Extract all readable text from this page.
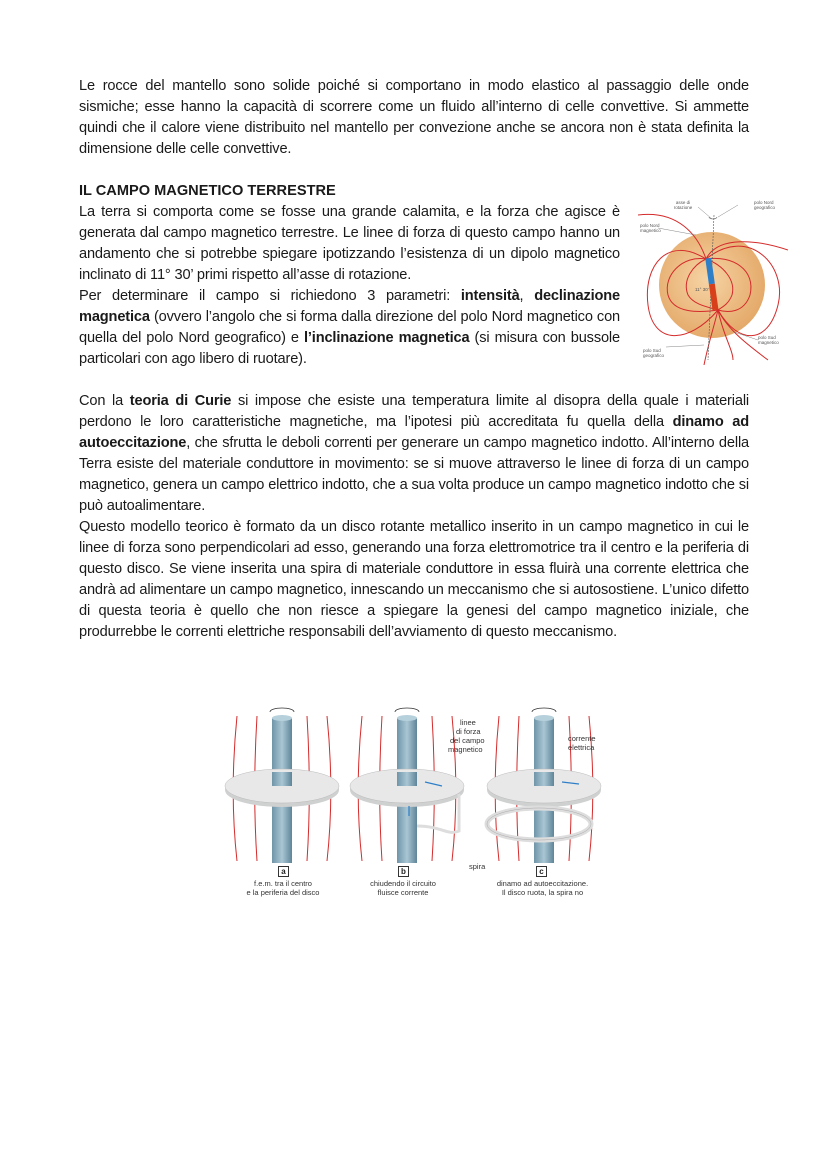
Le rocce del mantello sono solide poiché si comportano in modo elastico al passaggio delle onde sismiche; esse hanno la capacità di scorrere come un fluido all’interno di celle convettive. Si ammette quindi che il calore viene distribuito nel mantello per convezione anche se ancora non è stata definita la dimensione delle celle convettive.
IL CAMPO MAGNETICO TERRESTRE
La terra si comporta come se fosse una grande calamita, e la forza che agisce è generata dal campo magnetico terrestre. Le linee di forza di questo campo hanno un andamento che si potrebbe spiegare ipotizzando l’esistenza di un dipolo magnetico inclinato di 11° 30’ primi rispetto all’asse di rotazione.
Per determinare il campo si richiedono 3 parametri: intensità, declinazione magnetica (ovvero l’angolo che si forma dalla direzione del polo Nord magnetico con quella del polo Nord geografico) e l’inclinazione magnetica (si misura con bussole particolari con ago libero di ruotare).
asse di rotazione
polo Nord geografico
polo Nord magnetico
11° 30’
polo Sud magnetico
polo Sud geografico
Con la teoria di Curie si impose che esiste una temperatura limite al disopra della quale i materiali perdono le loro caratteristiche magnetiche, ma l’ipotesi più accreditata fu quella della dinamo ad autoeccitazione, che sfrutta le deboli correnti per generare un campo magnetico indotto. All’interno della Terra esiste del materiale conduttore in movimento: se si muove attraverso le linee di forza di un campo magnetico, genera un campo elettrico indotto, che a sua volta produce un campo magnetico indotto che si può autoalimentare.
Questo modello teorico è formato da un disco rotante metallico inserito in un campo magnetico in cui le linee di forza sono perpendicolari ad esso, generando una forza elettromotrice tra il centro e la periferia di questo disco. Se viene inserita una spira di materiale conduttore in essa fluirà una corrente elettrica che andrà ad alimentare un campo magnetico, innescando un meccanismo che si autosostiene. L’unico difetto di questa teoria è quello che non riesce a spiegare la genesi del campo magnetico iniziale, che produrrebbe le correnti elettriche responsabili dell’avviamento di questo meccanismo.
a
f.e.m. tra il centro
e la periferia del disco
b
chiudendo il circuito
fluisce corrente
c
dinamo ad autoeccitazione.
Il disco ruota, la spira no
linee
di forza
del campo
magnetico
corrente
elettrica
spira
